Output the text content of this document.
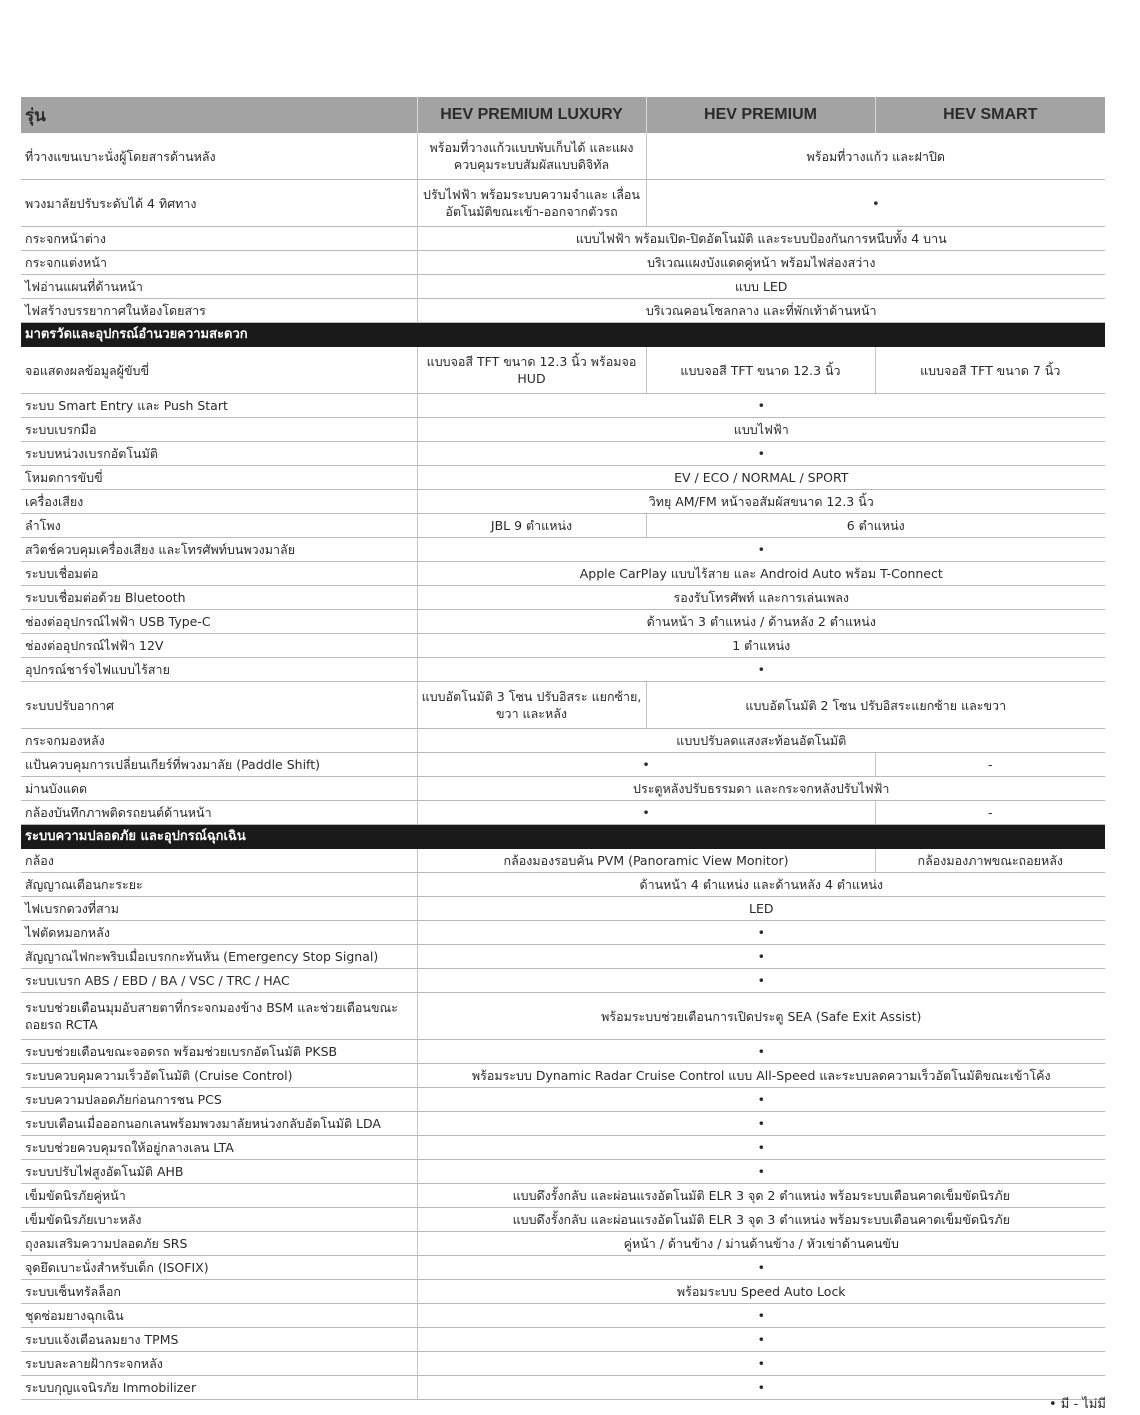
รุ่น	HEV PREMIUM LUXURY	HEV PREMIUM	HEV SMART
ที่วางแขนเบาะนั่งผู้โดยสารด้านหลัง	พร้อมที่วางแก้วแบบพับเก็บได้ และแผงควบคุมระบบสัมผัสแบบดิจิทัล	พร้อมที่วางแก้ว และฝาปิด	
พวงมาลัยปรับระดับได้ 4 ทิศทาง	ปรับไฟฟ้า พร้อมระบบความจำและ เลื่อนอัตโนมัติขณะเข้า-ออกจากตัวรถ	•	
กระจกหน้าต่าง	แบบไฟฟ้า พร้อมเปิด-ปิดอัตโนมัติ และระบบป้องกันการหนีบทั้ง 4 บาน		
กระจกแต่งหน้า	บริเวณแผงบังแดดคู่หน้า พร้อมไฟส่องสว่าง		
ไฟอ่านแผนที่ด้านหน้า	แบบ LED		
ไฟสร้างบรรยากาศในห้องโดยสาร	บริเวณคอนโซลกลาง และที่พักเท้าด้านหน้า		
มาตรวัดและอุปกรณ์อำนวยความสะดวก			
จอแสดงผลข้อมูลผู้ขับขี่	แบบจอสี TFT ขนาด 12.3 นิ้ว พร้อมจอ HUD	แบบจอสี TFT ขนาด 12.3 นิ้ว	แบบจอสี TFT ขนาด 7 นิ้ว
ระบบ Smart Entry และ Push Start	•		
ระบบเบรกมือ	แบบไฟฟ้า		
ระบบหน่วงเบรกอัตโนมัติ	•		
โหมดการขับขี่	EV / ECO / NORMAL / SPORT		
เครื่องเสียง	วิทยุ AM/FM หน้าจอสัมผัสขนาด 12.3 นิ้ว		
ลำโพง	JBL 9 ตำแหน่ง	6 ตำแหน่ง	
สวิตช์ควบคุมเครื่องเสียง และโทรศัพท์บนพวงมาลัย	•		
ระบบเชื่อมต่อ	Apple CarPlay แบบไร้สาย และ Android Auto พร้อม T-Connect		
ระบบเชื่อมต่อด้วย Bluetooth	รองรับโทรศัพท์ และการเล่นเพลง		
ช่องต่ออุปกรณ์ไฟฟ้า USB Type-C	ด้านหน้า 3 ตำแหน่ง / ด้านหลัง 2 ตำแหน่ง		
ช่องต่ออุปกรณ์ไฟฟ้า 12V	1 ตำแหน่ง		
อุปกรณ์ชาร์จไฟแบบไร้สาย	•		
ระบบปรับอากาศ	แบบอัตโนมัติ 3 โซน ปรับอิสระ แยกซ้าย, ขวา และหลัง	แบบอัตโนมัติ 2 โซน ปรับอิสระแยกซ้าย และขวา	
กระจกมองหลัง	แบบปรับลดแสงสะท้อนอัตโนมัติ		
แป้นควบคุมการเปลี่ยนเกียร์ที่พวงมาลัย (Paddle Shift)	•		-
ม่านบังแดด	ประตูหลังปรับธรรมดา และกระจกหลังปรับไฟฟ้า		
กล้องบันทึกภาพติดรถยนต์ด้านหน้า	•		-
ระบบความปลอดภัย และอุปกรณ์ฉุกเฉิน			
กล้อง	กล้องมองรอบคัน PVM (Panoramic View Monitor)		กล้องมองภาพขณะถอยหลัง
สัญญาณเตือนกะระยะ	ด้านหน้า 4 ตำแหน่ง และด้านหลัง 4 ตำแหน่ง		
ไฟเบรกดวงที่สาม	LED		
ไฟตัดหมอกหลัง	•		
สัญญาณไฟกะพริบเมื่อเบรกกะทันหัน (Emergency Stop Signal)	•		
ระบบเบรก ABS / EBD / BA / VSC / TRC / HAC	•		
ระบบช่วยเตือนมุมอับสายตาที่กระจกมองข้าง BSM และช่วยเตือนขณะถอยรถ RCTA	พร้อมระบบช่วยเตือนการเปิดประตู SEA (Safe Exit Assist)		
ระบบช่วยเตือนขณะจอดรถ พร้อมช่วยเบรกอัตโนมัติ PKSB	•		
ระบบควบคุมความเร็วอัตโนมัติ (Cruise Control)	พร้อมระบบ Dynamic Radar Cruise Control แบบ All-Speed และระบบลดความเร็วอัตโนมัติขณะเข้าโค้ง		
ระบบความปลอดภัยก่อนการชน PCS	•		
ระบบเตือนเมื่อออกนอกเลนพร้อมพวงมาลัยหน่วงกลับอัตโนมัติ LDA	•		
ระบบช่วยควบคุมรถให้อยู่กลางเลน LTA	•		
ระบบปรับไฟสูงอัตโนมัติ AHB	•		
เข็มขัดนิรภัยคู่หน้า	แบบดึงรั้งกลับ และผ่อนแรงอัตโนมัติ ELR 3 จุด 2 ตำแหน่ง พร้อมระบบเตือนคาดเข็มขัดนิรภัย		
เข็มขัดนิรภัยเบาะหลัง	แบบดึงรั้งกลับ และผ่อนแรงอัตโนมัติ ELR 3 จุด 3 ตำแหน่ง พร้อมระบบเตือนคาดเข็มขัดนิรภัย		
ถุงลมเสริมความปลอดภัย SRS	คู่หน้า / ด้านข้าง / ม่านด้านข้าง / หัวเข่าด้านคนขับ		
จุดยึดเบาะนั่งสำหรับเด็ก (ISOFIX)	•		
ระบบเซ็นทรัลล็อก	พร้อมระบบ Speed Auto Lock		
ชุดซ่อมยางฉุกเฉิน	•		
ระบบแจ้งเตือนลมยาง TPMS	•		
ระบบละลายฝ้ากระจกหลัง	•		
ระบบกุญแจนิรภัย Immobilizer	•		
• มี - ไม่มี
